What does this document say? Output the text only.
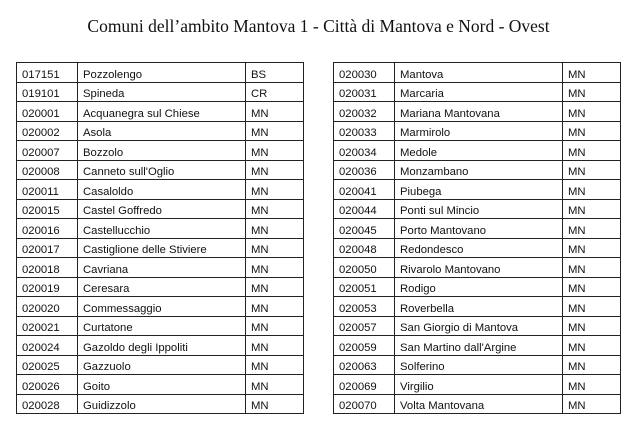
Comuni dell’ambito Mantova 1 - Città di Mantova e Nord - Ovest
017151	Pozzolengo	BS
019101	Spineda	CR
020001	Acquanegra sul Chiese	MN
020002	Asola	MN
020007	Bozzolo	MN
020008	Canneto sull'Oglio	MN
020011	Casaloldo	MN
020015	Castel Goffredo	MN
020016	Castellucchio	MN
020017	Castiglione delle Stiviere	MN
020018	Cavriana	MN
020019	Ceresara	MN
020020	Commessaggio	MN
020021	Curtatone	MN
020024	Gazoldo degli Ippoliti	MN
020025	Gazzuolo	MN
020026	Goito	MN
020028	Guidizzolo	MN
020030	Mantova	MN
020031	Marcaria	MN
020032	Mariana Mantovana	MN
020033	Marmirolo	MN
020034	Medole	MN
020036	Monzambano	MN
020041	Piubega	MN
020044	Ponti sul Mincio	MN
020045	Porto Mantovano	MN
020048	Redondesco	MN
020050	Rivarolo Mantovano	MN
020051	Rodigo	MN
020053	Roverbella	MN
020057	San Giorgio di Mantova	MN
020059	San Martino dall'Argine	MN
020063	Solferino	MN
020069	Virgilio	MN
020070	Volta Mantovana	MN
